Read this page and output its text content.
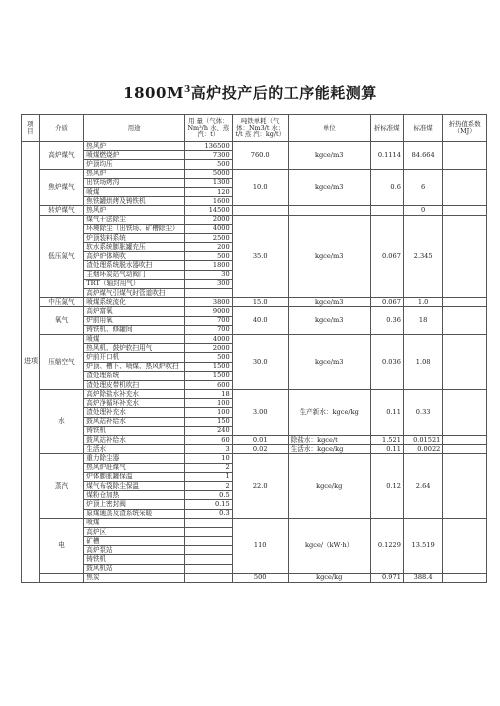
$1800M^3$高炉投产后的工序能耗测算
项目	介质	用途	用 量（气体：Nm³/h 水、蒸汽：t）	吨铁单耗（气体：Nm3/t 水：t/t 蒸 汽：kg/t）	单位	折标准煤	标准煤	折热值系数（MJ）
进项	高炉煤气	热风炉	136500	760.0	kgce/m3	0.1114	84.664	
		喷煤燃烧炉	7300					
		炉顶均压	500					
	焦炉煤气	热风炉	5000	10.0	kgce/m3	0.6	6	
		出铁场烤沟	1300					
		喷煤	120					
		焦铁罐烘烤及铸铁机	1600					
	转炉煤气	热风炉	14500				0	
	低压氮气	煤气干法除尘	2000	35.0	kgce/m3	0.067	2.345	
		环境除尘（出铁场、矿槽除尘）	4000					
		炉顶装料系统	2500					
		软水系统膨胀罐充压	200					
		高炉炉体喷吹	500					
		渣处理系统脱水器吹扫	1800					
		主烟环炭站气动阀门	30					
		TRT（轴封用气）	300					
		高炉煤气引煤气时管道吹扫						
	中压氮气	喷煤系统流化	3800	15.0	kgce/m3	0.067	1.0	
	氧气	高炉富氧	9000	40.0	kgce/m3	0.36	18	
		炉前用氧	700					
		铸铁机、修罐间	700					
	压缩空气	喷煤	4000	30.0	kgce/m3	0.036	1.08	
		热风机、鼓炉软扫用气	2000					
		炉前开口机	500					
		炉顶、槽下、喷煤、热风炉吹扫	1500					
		渣处理系统	1500					
		渣处理皮带机吹扫	600					
	水	高炉除盐水补充水	18	3.00	生产新水：kgce/kg	0.11	0.33	
		高炉净循环补充水	100					
		渣处理补充水	100					
		鼓风站补给水	150					
		铸铁机	240					
		鼓风站补给水	60	0.01	除盐水：kgce/t	1.521	0.01521	
		生活水	3	0.02	生活水：kgce/kg	0.11	0.0022	
	蒸汽	重力除尘器	10	22.0	kgce/kg	0.12	2.64	
		热风炉赶煤气	2					
		炉体膨胀罐保温	1					
		煤气布袋除尘保温	2					
		煤粉仓加热	0.5					
		炉顶上密封阀	0.15					
		原煤通蒸及渣系统采暖	0.3					
	电	喷煤		110	kgce/（kW·h）	0.1229	13.519	
		高炉区						
		矿槽						
		高炉泵站						
		铸铁机						
		鼓风机站						
		焦炭		500	kgce/kg	0.971	388.4	
